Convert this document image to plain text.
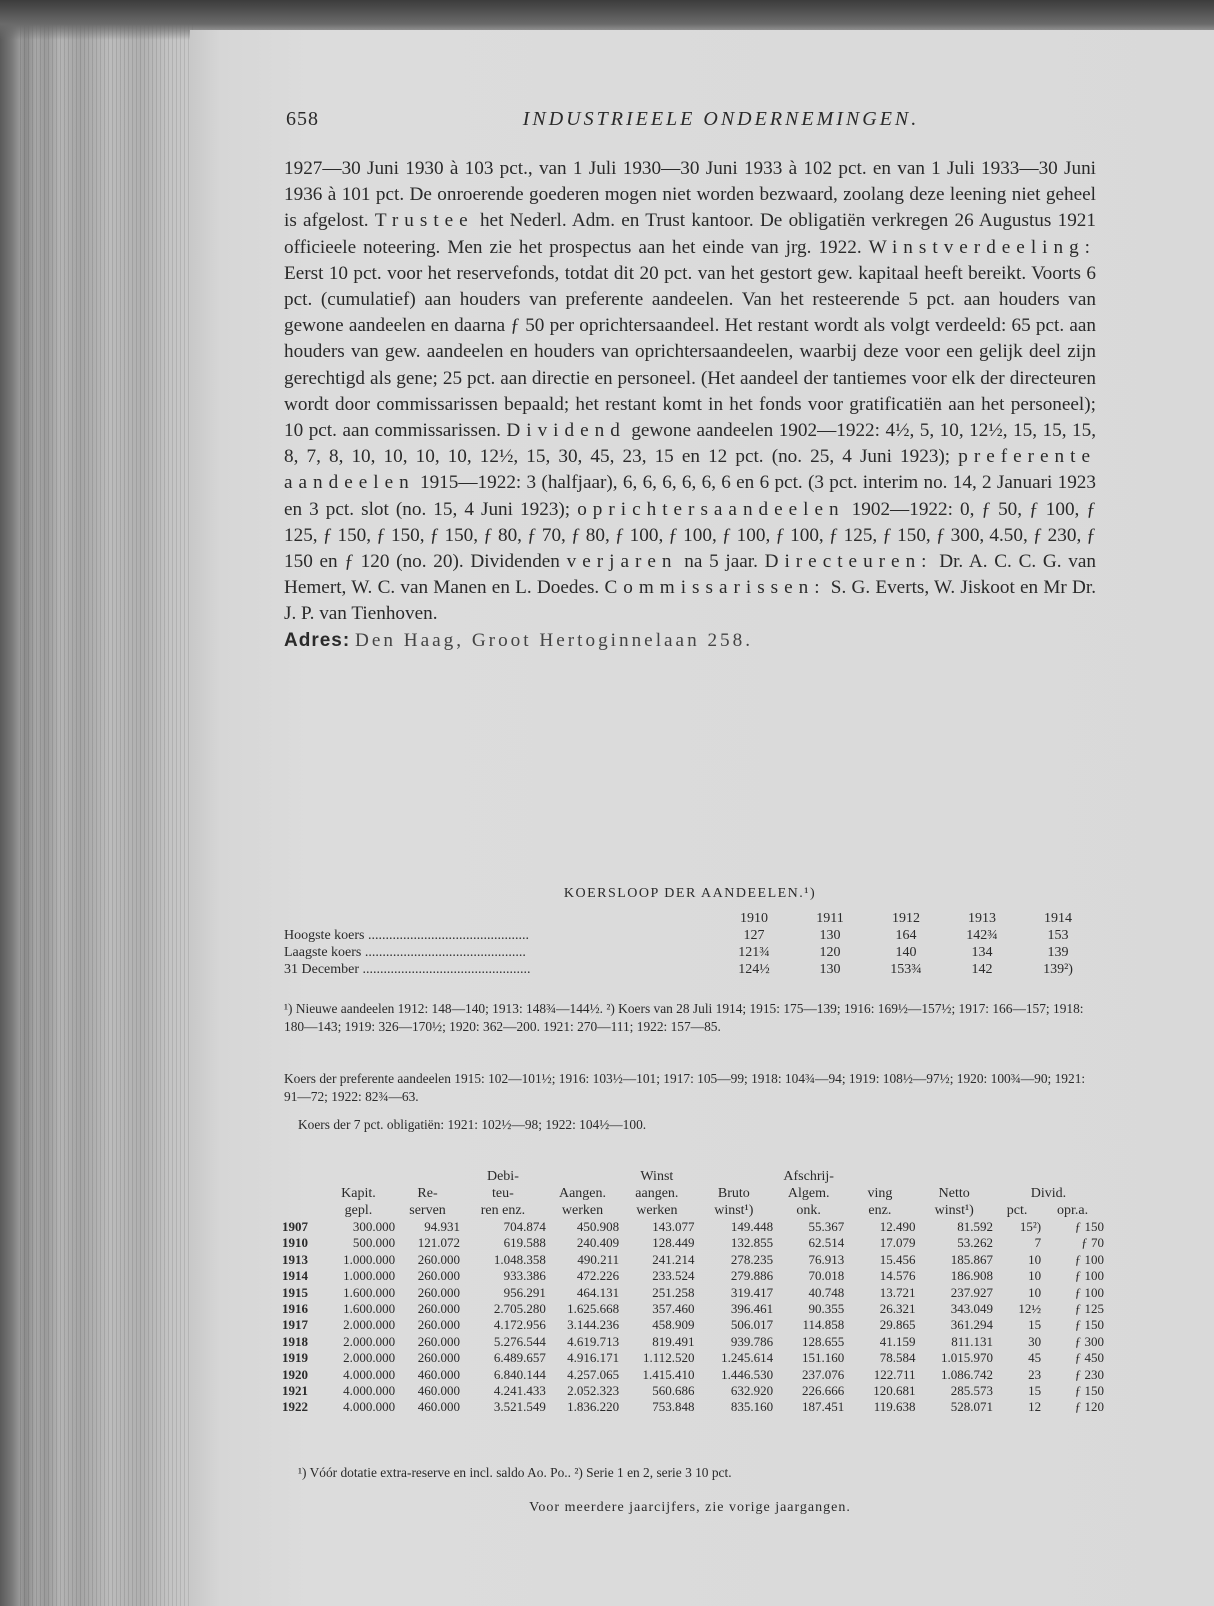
658	INDUSTRIEELE ONDERNEMINGEN.

1927—30 Juni 1930 à 103 pct., van 1 Juli 1930—30 Juni 1933 à 102 pct. en van 1 Juli 1933—30 Juni 1936 à 101 pct. De onroerende goederen mogen niet worden bezwaard, zoolang deze leening niet geheel is afgelost. Trustee het Nederl. Adm. en Trust kantoor. De obligatiën verkregen 26 Augustus 1921 officieele noteering. Men zie het prospectus aan het einde van jrg. 1922. Winstverdeeling: Eerst 10 pct. voor het reservefonds, totdat dit 20 pct. van het gestort gew. kapitaal heeft bereikt. Voorts 6 pct. (cumulatief) aan houders van preferente aandeelen. Van het resteerende 5 pct. aan houders van gewone aandeelen en daarna ƒ 50 per oprichtersaandeel. Het restant wordt als volgt verdeeld: 65 pct. aan houders van gew. aandeelen en houders van oprichtersaandeelen, waarbij deze voor een gelijk deel zijn gerechtigd als gene; 25 pct. aan directie en personeel. (Het aandeel der tantiemes voor elk der directeuren wordt door commissarissen bepaald; het restant komt in het fonds voor gratificatiën aan het personeel); 10 pct. aan commissarissen. Dividend gewone aandeelen 1902—1922: 4½, 5, 10, 12½, 15, 15, 15, 8, 7, 8, 10, 10, 10, 10, 12½, 15, 30, 45, 23, 15 en 12 pct. (no. 25, 4 Juni 1923); preferente aandeelen 1915—1922: 3 (halfjaar), 6, 6, 6, 6, 6, 6 en 6 pct. (3 pct. interim no. 14, 2 Januari 1923 en 3 pct. slot (no. 15, 4 Juni 1923); oprichtersaandeelen 1902—1922: 0, ƒ 50, ƒ 100, ƒ 125, ƒ 150, ƒ 150, ƒ 150, ƒ 80, ƒ 70, ƒ 80, ƒ 100, ƒ 100, ƒ 100, ƒ 100, ƒ 125, ƒ 150, ƒ 300, 4.50, ƒ 230, ƒ 150 en ƒ 120 (no. 20). Dividenden verjaren na 5 jaar. Directeuren: Dr. A. C. C. G. van Hemert, W. C. van Manen en L. Doedes. Commissarissen: S. G. Everts, W. Jiskoot en Mr Dr. J. P. van Tienhoven.

Adres: Den Haag, Groot Hertoginnelaan 258.

KOERSLOOP DER AANDEELEN.¹)
	1910	1911	1912	1913	1914
Hoogste koers ..............................................	127	130	164	142¾	153
Laagste koers ..............................................	121¾	120	140	134	139
31 December ................................................	124½	130	153¾	142	139²)
¹) Nieuwe aandeelen 1912: 148—140; 1913: 148¾—144½. ²) Koers van 28 Juli 1914; 1915: 175—139; 1916: 169½—157½; 1917: 166—157; 1918: 180—143; 1919: 326—170½; 1920: 362—200. 1921: 270—111; 1922: 157—85.
Koers der preferente aandeelen 1915: 102—101½; 1916: 103½—101; 1917: 105—99; 1918: 104¾—94; 1919: 108½—97½; 1920: 100¾—90; 1921: 91—72; 1922: 82¾—63.
Koers der 7 pct. obligatiën: 1921: 102½—98; 1922: 104½—100.
			Debi-		Winst		Afschrij-				
	Kapit.	Re-	teu-	Aangen.	aangen.	Bruto	Algem.	ving	Netto	Divid.	
	gepl.	serven	ren enz.	werken	werken	winst¹)	onk.	enz.	winst¹)	pct.	opr.a.
1907	300.000	94.931	704.874	450.908	143.077	149.448	55.367	12.490	81.592	15²)	ƒ 150
1910	500.000	121.072	619.588	240.409	128.449	132.855	62.514	17.079	53.262	7	ƒ 70
1913	1.000.000	260.000	1.048.358	490.211	241.214	278.235	76.913	15.456	185.867	10	ƒ 100
1914	1.000.000	260.000	933.386	472.226	233.524	279.886	70.018	14.576	186.908	10	ƒ 100
1915	1.600.000	260.000	956.291	464.131	251.258	319.417	40.748	13.721	237.927	10	ƒ 100
1916	1.600.000	260.000	2.705.280	1.625.668	357.460	396.461	90.355	26.321	343.049	12½	ƒ 125
1917	2.000.000	260.000	4.172.956	3.144.236	458.909	506.017	114.858	29.865	361.294	15	ƒ 150
1918	2.000.000	260.000	5.276.544	4.619.713	819.491	939.786	128.655	41.159	811.131	30	ƒ 300
1919	2.000.000	260.000	6.489.657	4.916.171	1.112.520	1.245.614	151.160	78.584	1.015.970	45	ƒ 450
1920	4.000.000	460.000	6.840.144	4.257.065	1.415.410	1.446.530	237.076	122.711	1.086.742	23	ƒ 230
1921	4.000.000	460.000	4.241.433	2.052.323	560.686	632.920	226.666	120.681	285.573	15	ƒ 150
1922	4.000.000	460.000	3.521.549	1.836.220	753.848	835.160	187.451	119.638	528.071	12	ƒ 120
¹) Vóór dotatie extra-reserve en incl. saldo Ao. Po.. ²) Serie 1 en 2, serie 3 10 pct.
Voor meerdere jaarcijfers, zie vorige jaargangen.
